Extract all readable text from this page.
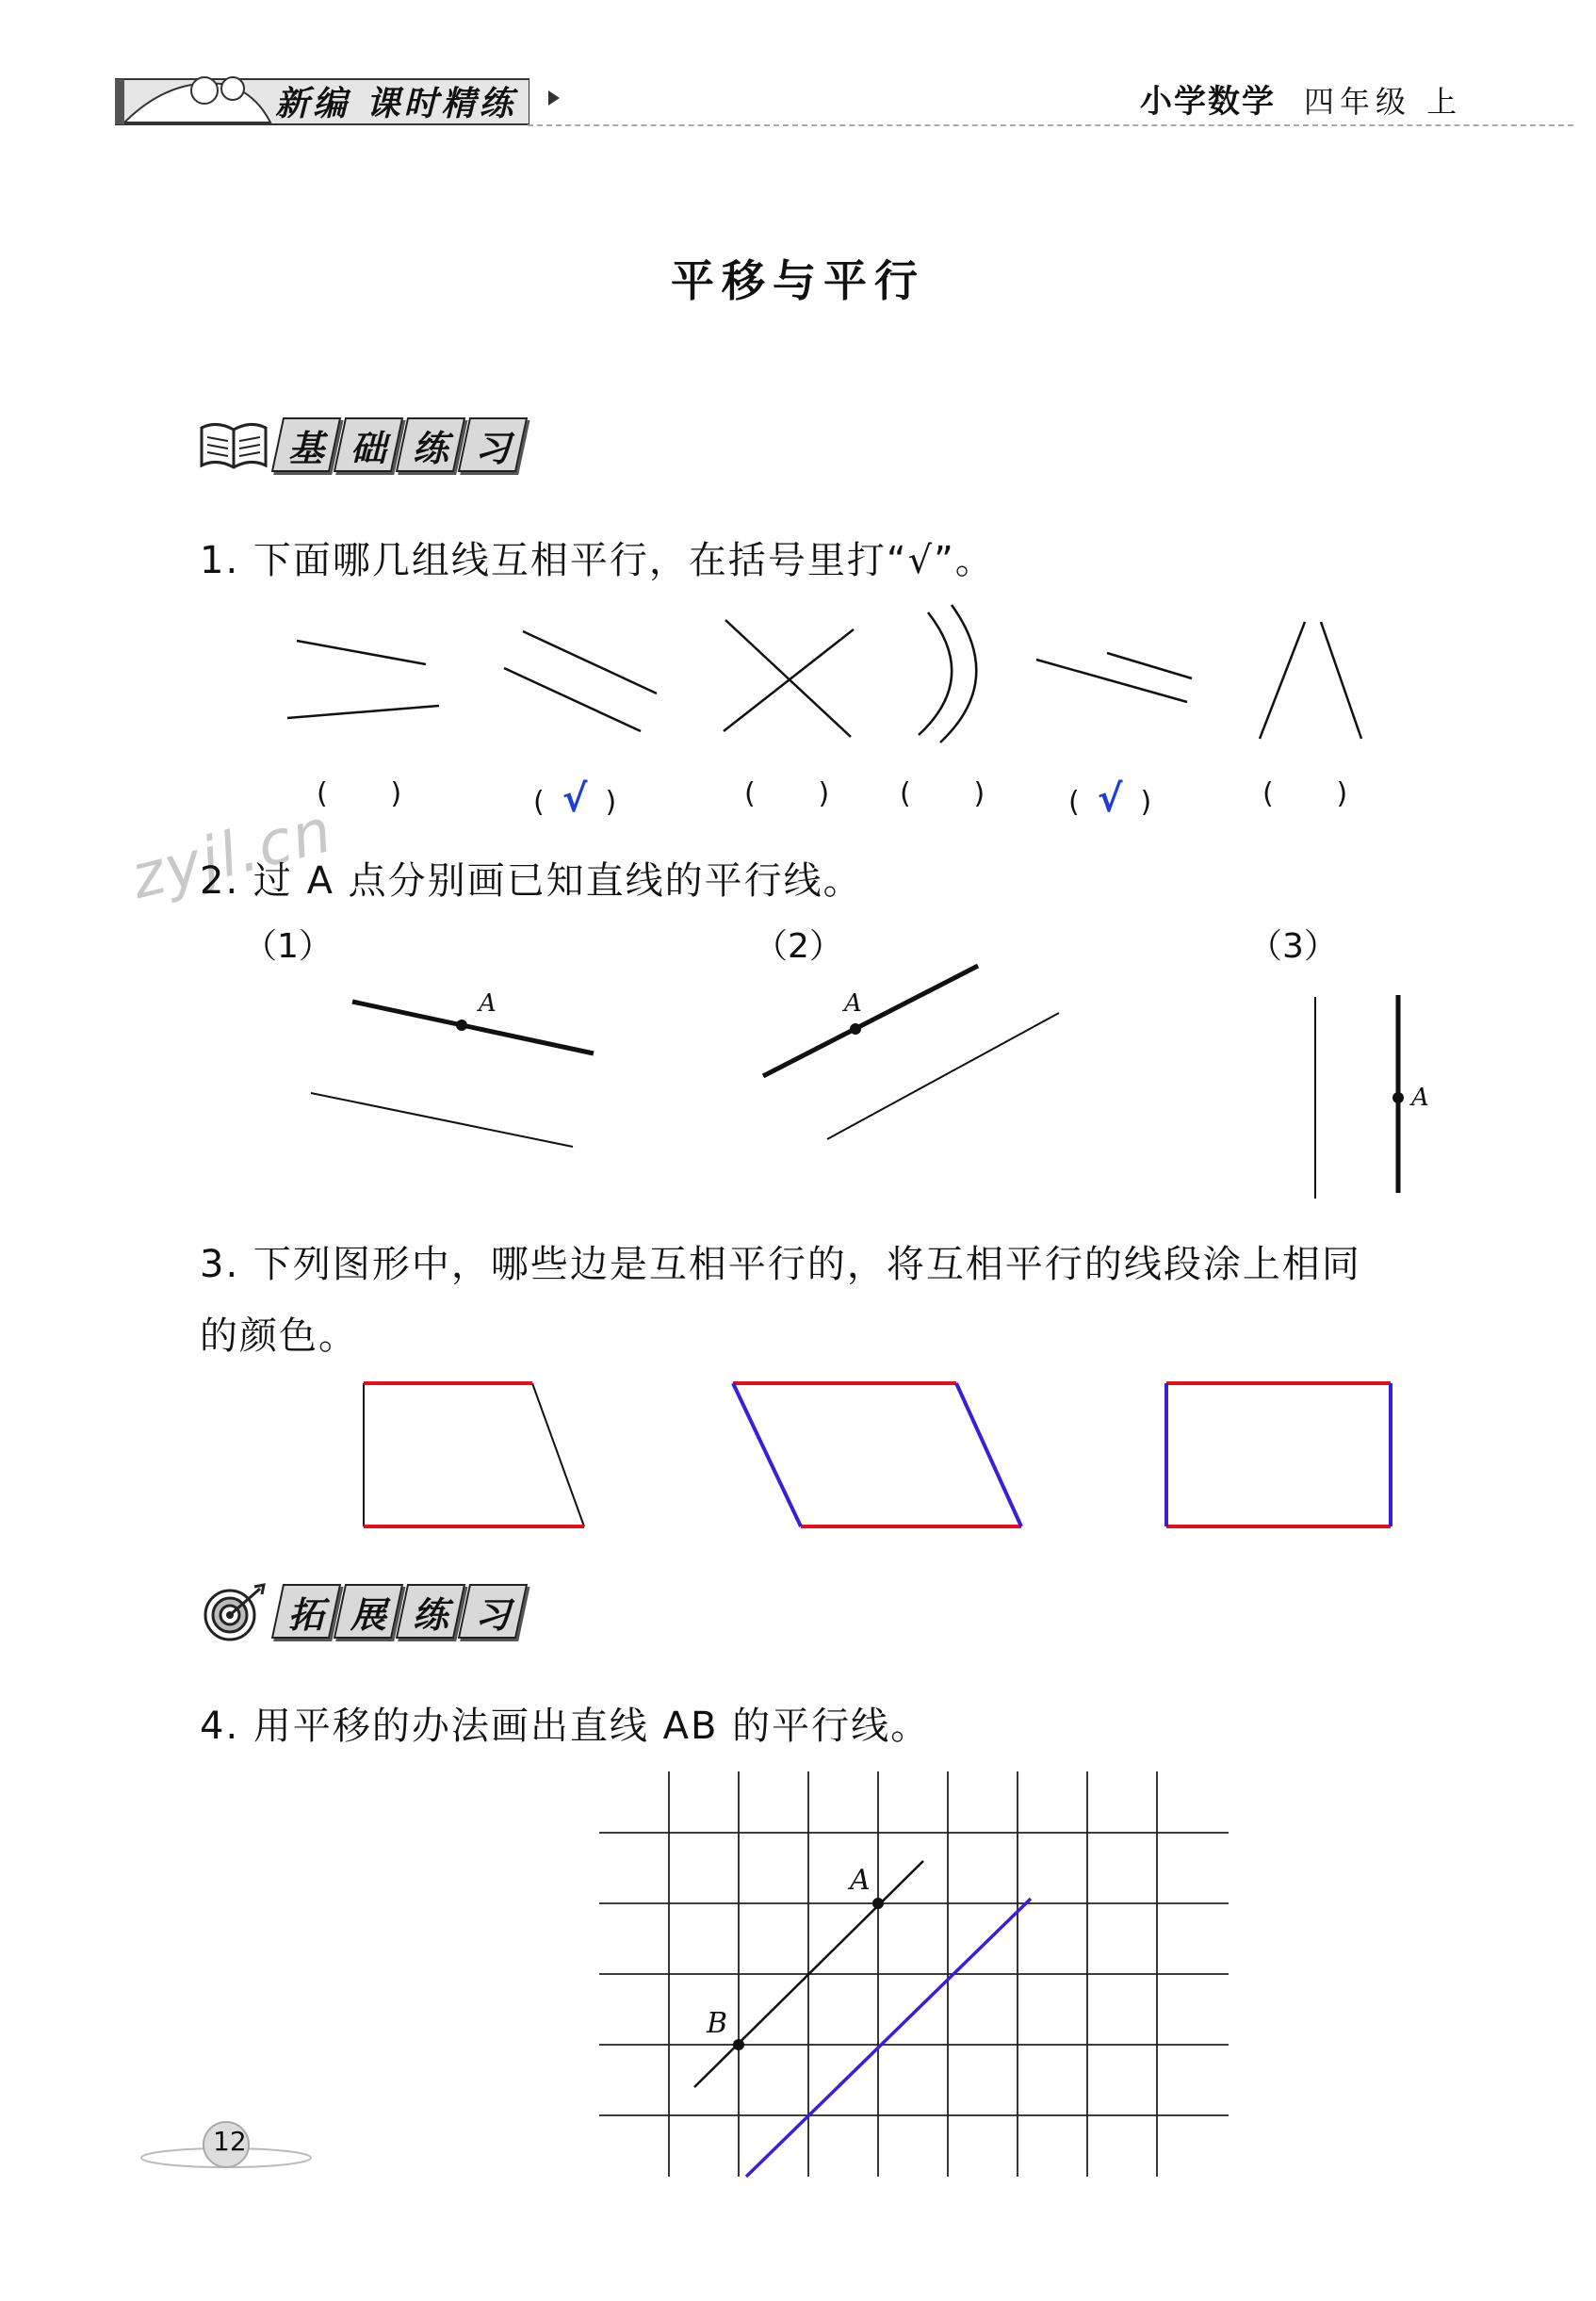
新编 课时精练	小学数学 四年级 上
平移与平行
基 础 练 习
1. 下面哪几组线互相平行，在括号里打“√”。
(       )	(  √  )	(       ) (       )	(  √  )	(       )
zyjl.cn
2. 过 A 点分别画已知直线的平行线。
（1）	（2）	（3）
A	A
A
3. 下列图形中，哪些边是互相平行的，将互相平行的线段涂上相同
的颜色。
拓 展 练 习
4. 用平移的办法画出直线 AB 的平行线。
A
B
12
